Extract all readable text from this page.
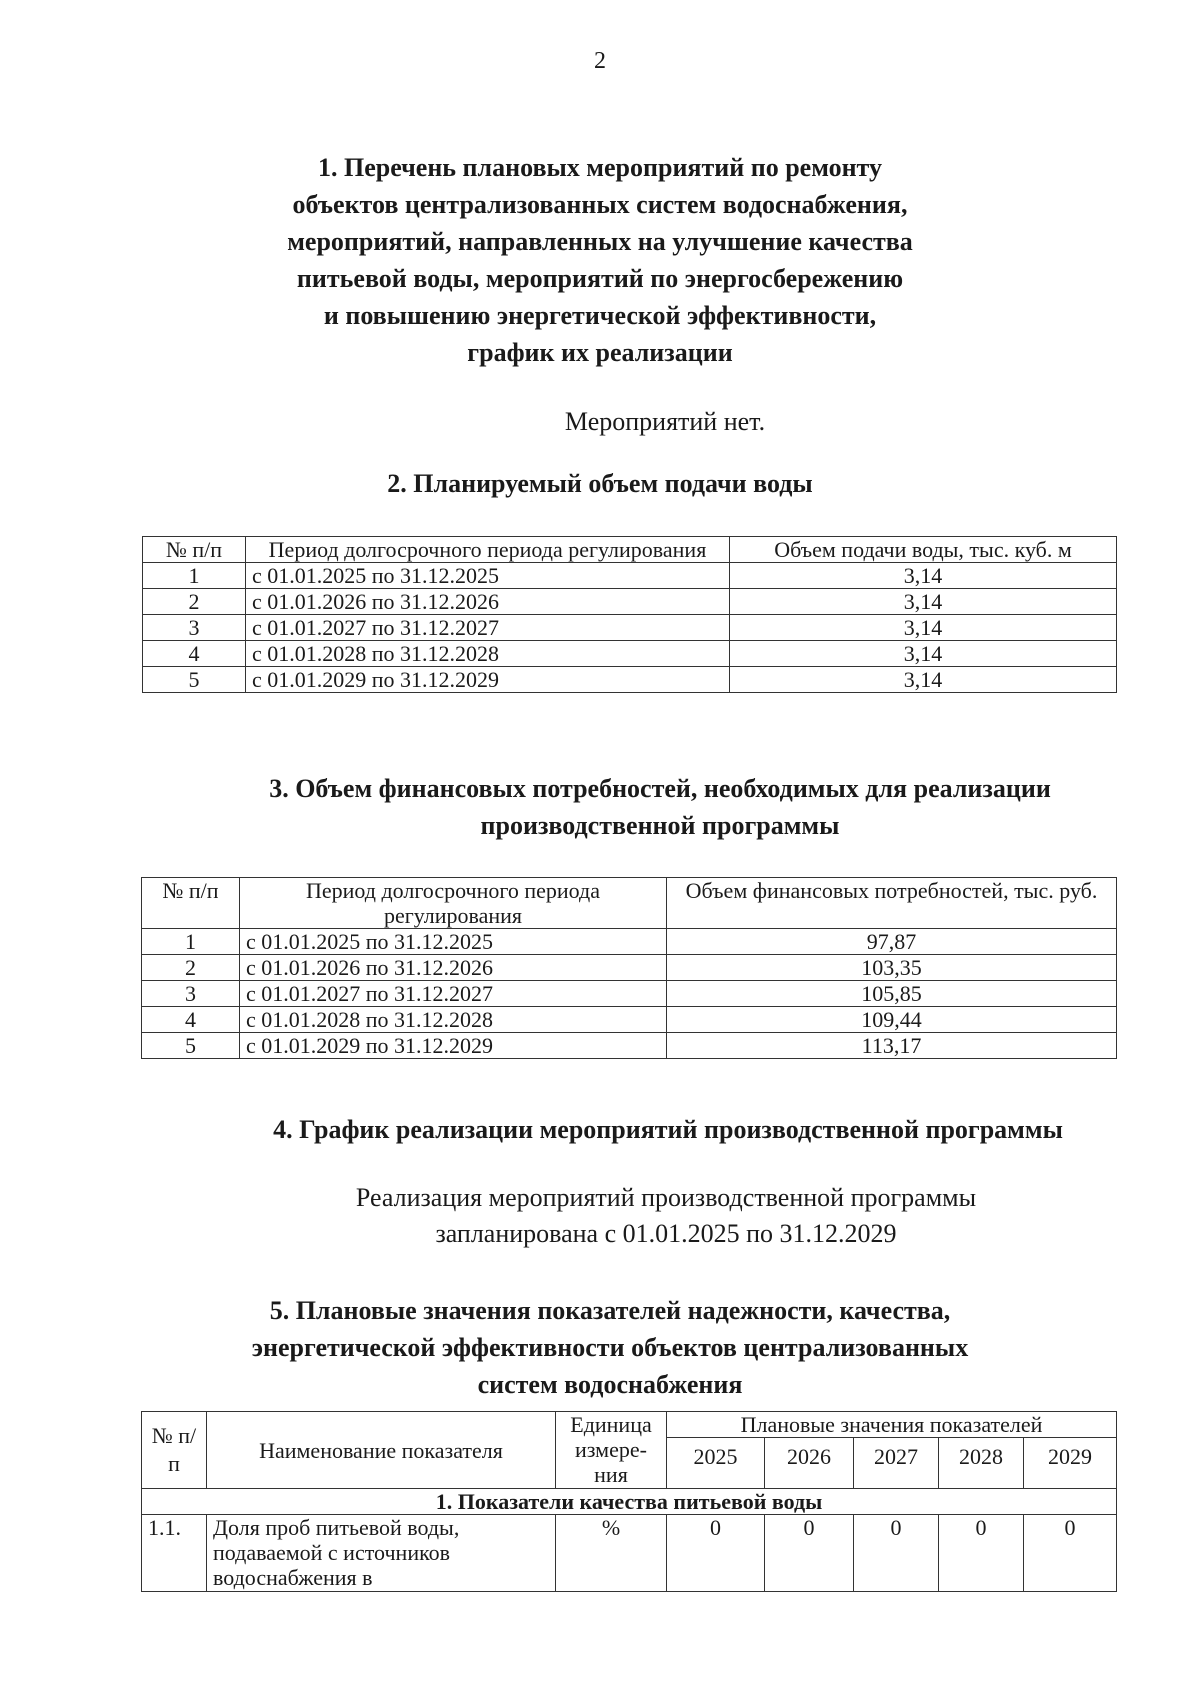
2
1. Перечень плановых мероприятий по ремонту
объектов централизованных систем водоснабжения,
мероприятий, направленных на улучшение качества
питьевой воды, мероприятий по энергосбережению
и повышению энергетической эффективности,
график их реализации
Мероприятий нет.
2. Планируемый объем подачи воды
№ п/п	Период долгосрочного периода регулирования	Объем подачи воды, тыс. куб. м
1	с 01.01.2025 по 31.12.2025	3,14
2	с 01.01.2026 по 31.12.2026	3,14
3	с 01.01.2027 по 31.12.2027	3,14
4	с 01.01.2028 по 31.12.2028	3,14
5	с 01.01.2029 по 31.12.2029	3,14
3. Объем финансовых потребностей, необходимых для реализации
производственной программы
№ п/п	Период долгосрочного периода регулирования	Объем финансовых потребностей, тыс. руб.
1	с 01.01.2025 по 31.12.2025	97,87
2	с 01.01.2026 по 31.12.2026	103,35
3	с 01.01.2027 по 31.12.2027	105,85
4	с 01.01.2028 по 31.12.2028	109,44
5	с 01.01.2029 по 31.12.2029	113,17
4. График реализации мероприятий производственной программы
Реализация мероприятий производственной программы
запланирована с 01.01.2025 по 31.12.2029
5. Плановые значения показателей надежности, качества,
энергетической эффективности объектов централизованных
систем водоснабжения
№ п/п	Наименование показателя	Единица измере-ния	Плановые значения показателей				
			2025	2026	2027	2028	2029
1. Показатели качества питьевой воды							
1.1.	Доля проб питьевой воды, подаваемой с источников водоснабжения в	%	0	0	0	0	0
